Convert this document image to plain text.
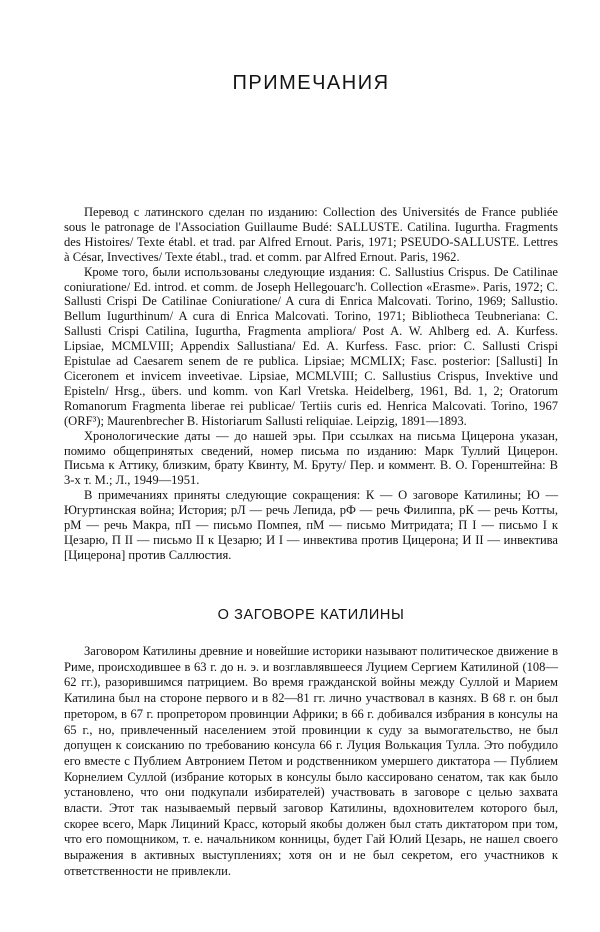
ПРИМЕЧАНИЯ

Перевод с латинского сделан по изданию: Collection des Universités de France publiée sous le patronage de l'Association Guillaume Budé: SALLUSTE. Catilina. Iugurtha. Fragments des Histoires/ Texte établ. et trad. par Alfred Ernout. Paris, 1971; PSEUDO-SALLUSTE. Lettres à César, Invectives/ Texte établ., trad. et comm. par Alfred Ernout. Paris, 1962.

Кроме того, были использованы следующие издания: C. Sallustius Crispus. De Catilinae coniuratione/ Ed. introd. et comm. de Joseph Hellegouarc'h. Collection «Erasme». Paris, 1972; C. Sallusti Crispi De Catilinae Coniuratione/ A cura di Enrica Malcovati. Torino, 1969; Sallustio. Bellum Iugurthinum/ A cura di Enrica Malcovati. Torino, 1971; Bibliotheca Teubneriana: C. Sallusti Crispi Catilina, Iugurtha, Fragmenta ampliora/ Post A. W. Ahlberg ed. A. Kurfess. Lipsiae, MCMLVIII; Appendix Sallustiana/ Ed. A. Kurfess. Fasc. prior: C. Sallusti Crispi Epistulae ad Caesarem senem de re publica. Lipsiae; MCMLIX; Fasc. posterior: [Sallusti] In Ciceronem et invicem inveetivae. Lipsiae, MCMLVIII; C. Sallustius Crispus, Invektive und Episteln/ Hrsg., übers. und komm. von Karl Vretska. Heidelberg, 1961, Bd. 1, 2; Oratorum Romanorum Fragmenta liberae rei publicae/ Tertiis curis ed. Henrica Malcovati. Torino, 1967 (ORF³); Maurenbrecher B. Historiarum Sallusti reliquiae. Leipzig, 1891—1893.

Хронологические даты — до нашей эры. При ссылках на письма Цицерона указан, помимо общепринятых сведений, номер письма по изданию: Марк Туллий Цицерон. Письма к Аттику, близким, брату Квинту, М. Бруту/ Пер. и коммент. В. О. Горенштейна: В 3-х т. М.; Л., 1949—1951.

В примечаниях приняты следующие сокращения: К — О заговоре Катилины; Ю — Югуртинская война; История; рЛ — речь Лепида, рФ — речь Филиппа, рК — речь Котты, рМ — речь Макра, пП — письмо Помпея, пМ — письмо Митридата; П I — письмо I к Цезарю, П II — письмо II к Цезарю; И I — инвектива против Цицерона; И II — инвектива [Цицерона] против Саллюстия.

О ЗАГОВОРЕ КАТИЛИНЫ

Заговором Катилины древние и новейшие историки называют политическое движение в Риме, происходившее в 63 г. до н. э. и возглавлявшееся Луцием Сергием Катилиной (108—62 гг.), разорившимся патрицием. Во время гражданской войны между Суллой и Марием Катилина был на стороне первого и в 82—81 гг. лично участвовал в казнях. В 68 г. он был претором, в 67 г. пропретором провинции Африки; в 66 г. добивался избрания в консулы на 65 г., но, привлеченный населением этой провинции к суду за вымогательство, не был допущен к соисканию по требованию консула 66 г. Луция Волькация Тулла. Это побудило его вместе с Публием Автронием Петом и родственником умершего диктатора — Публием Корнелием Суллой (избрание которых в консулы было кассировано сенатом, так как было установлено, что они подкупали избирателей) участвовать в заговоре с целью захвата власти. Этот так называемый первый заговор Катилины, вдохновителем которого был, скорее всего, Марк Лициний Красс, который якобы должен был стать диктатором при том, что его помощником, т. е. начальником конницы, будет Гай Юлий Цезарь, не нашел своего выражения в активных выступлениях; хотя он и не был секретом, его участников к ответственности не привлекли.
